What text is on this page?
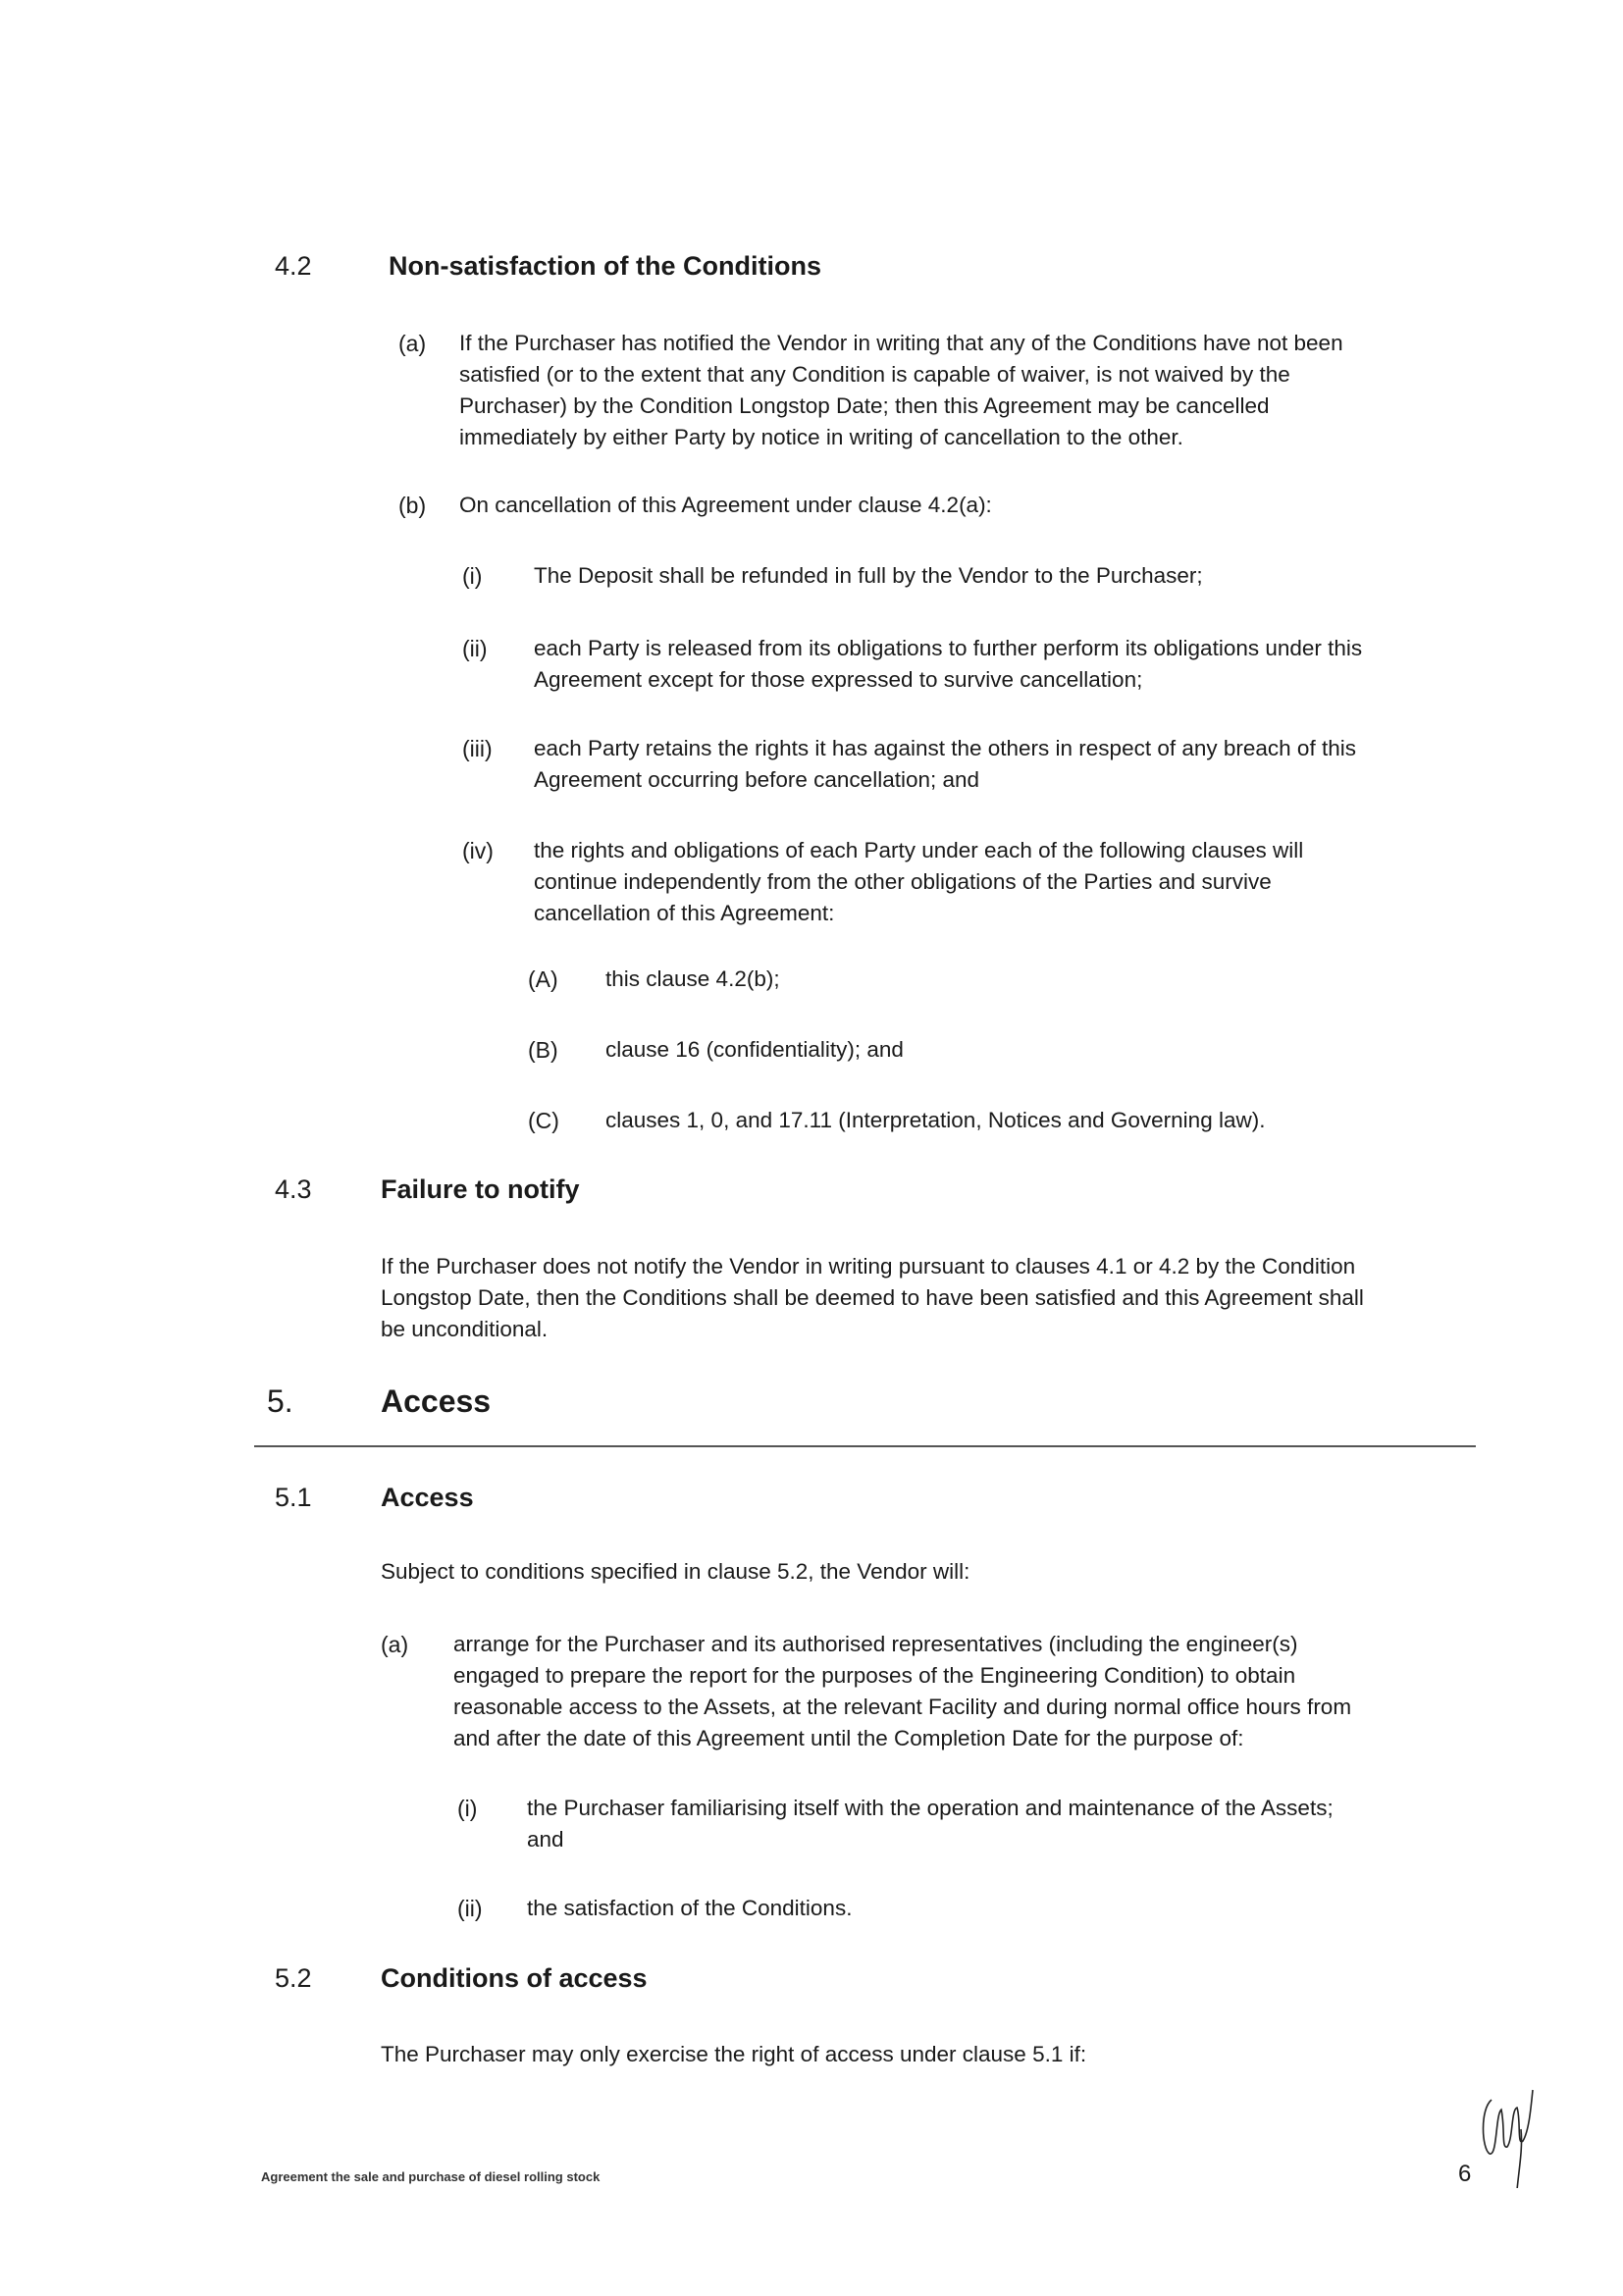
4.2	Non-satisfaction of the Conditions
(a) If the Purchaser has notified the Vendor in writing that any of the Conditions have not been
satisfied (or to the extent that any Condition is capable of waiver, is not waived by the
Purchaser) by the Condition Longstop Date; then this Agreement may be cancelled
immediately by either Party by notice in writing of cancellation to the other.
(b) On cancellation of this Agreement under clause 4.2(a):
(i) The Deposit shall be refunded in full by the Vendor to the Purchaser;
(ii) each Party is released from its obligations to further perform its obligations under this
Agreement except for those expressed to survive cancellation;
(iii) each Party retains the rights it has against the others in respect of any breach of this
Agreement occurring before cancellation; and
(iv) the rights and obligations of each Party under each of the following clauses will
continue independently from the other obligations of the Parties and survive
cancellation of this Agreement:
(A) this clause 4.2(b);
(B) clause 16 (confidentiality); and
(C) clauses 1, 0, and 17.11 (Interpretation, Notices and Governing law).
4.3	Failure to notify
If the Purchaser does not notify the Vendor in writing pursuant to clauses 4.1 or 4.2 by the Condition
Longstop Date, then the Conditions shall be deemed to have been satisfied and this Agreement shall
be unconditional.
5.	Access
5.1	Access
Subject to conditions specified in clause 5.2, the Vendor will:
(a) arrange for the Purchaser and its authorised representatives (including the engineer(s)
engaged to prepare the report for the purposes of the Engineering Condition) to obtain
reasonable access to the Assets, at the relevant Facility and during normal office hours from
and after the date of this Agreement until the Completion Date for the purpose of:
(i) the Purchaser familiarising itself with the operation and maintenance of the Assets;
and
(ii) the satisfaction of the Conditions.
5.2	Conditions of access
The Purchaser may only exercise the right of access under clause 5.1 if:
Agreement the sale and purchase of diesel rolling stock	6
